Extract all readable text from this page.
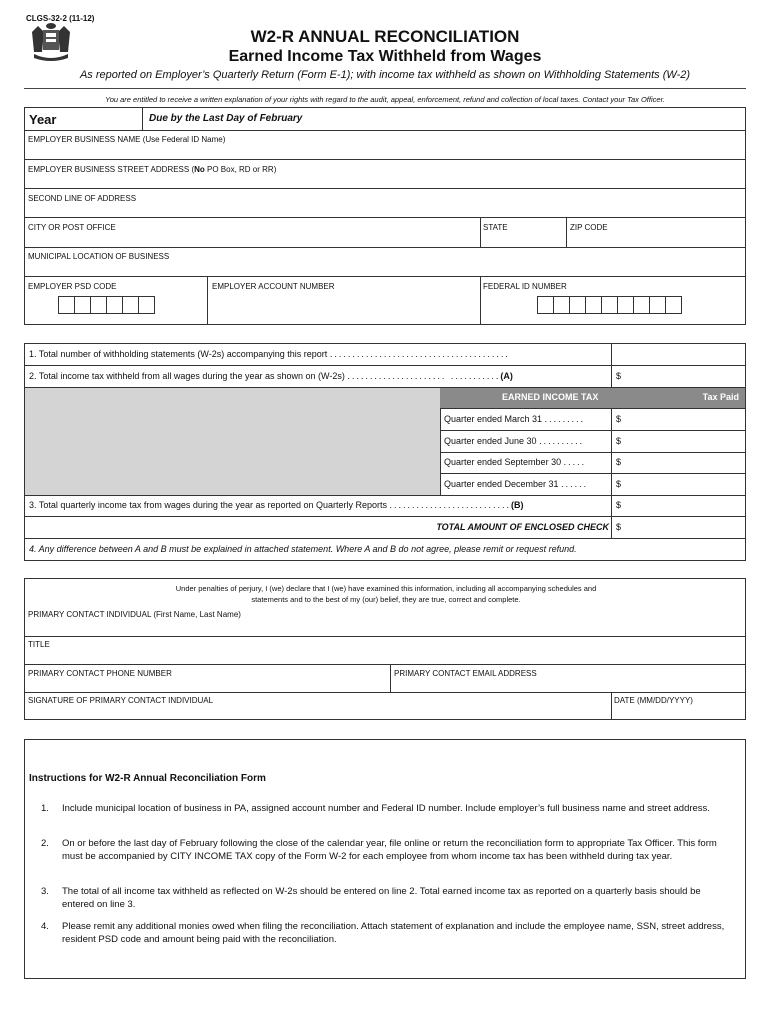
CLGS-32-2 (11-12)
W2-R ANNUAL RECONCILIATION
Earned Income Tax Withheld from Wages
As reported on Employer’s Quarterly Return (Form E-1); with income tax withheld as shown on Withholding Statements (W-2)
You are entitled to receive a written explanation of your rights with regard to the audit, appeal, enforcement, refund and collection of local taxes. Contact your Tax Officer.
Year	Due by the Last Day of February
EMPLOYER BUSINESS NAME (Use Federal ID Name)
EMPLOYER BUSINESS STREET ADDRESS (No PO Box, RD or RR)
SECOND LINE OF ADDRESS
CITY OR POST OFFICE	STATE	ZIP CODE
MUNICIPAL LOCATION OF BUSINESS
EMPLOYER PSD CODE	EMPLOYER ACCOUNT NUMBER	FEDERAL ID NUMBER
EARNED INCOME TAX	Tax Paid
1. Total number of withholding statements (W-2s) accompanying this report ........................................
2. Total income tax withheld from all wages during the year as shown on (W-2s) ...................... ...........(A)	$
Quarter ended March 31 .........	$
Quarter ended June 30 ..........	$
Quarter ended September 30 .....	$
Quarter ended December 31 ......	$
3. Total quarterly income tax from wages during the year as reported on Quarterly Reports ...........................(B)	$
TOTAL AMOUNT OF ENCLOSED CHECK $
4. Any difference between A and B must be explained in attached statement. Where A and B do not agree, please remit or request refund.
Under penalties of perjury, I (we) declare that I (we) have examined this information, including all accompanying schedules and statements and to the best of my (our) belief, they are true, correct and complete.
PRIMARY CONTACT INDIVIDUAL (First Name, Last Name)
TITLE
PRIMARY CONTACT PHONE NUMBER	PRIMARY CONTACT EMAIL ADDRESS
SIGNATURE OF PRIMARY CONTACT INDIVIDUAL	DATE (MM/DD/YYYY)
Instructions for W2-R Annual Reconciliation Form
1. Include municipal location of business in PA, assigned account number and Federal ID number. Include employer’s full business name and street address.
2. On or before the last day of February following the close of the calendar year, file online or return the reconciliation form to appropriate Tax Officer. This form must be accompanied by CITY INCOME TAX copy of the Form W-2 for each employee from whom income tax has been withheld during tax year.
3. The total of all income tax withheld as reflected on W-2s should be entered on line 2. Total earned income tax as reported on a quarterly basis should be entered on line 3.
4. Please remit any additional monies owed when filing the reconciliation. Attach statement of explanation and include the employee name, SSN, street address, resident PSD code and amount being paid with the reconciliation.
